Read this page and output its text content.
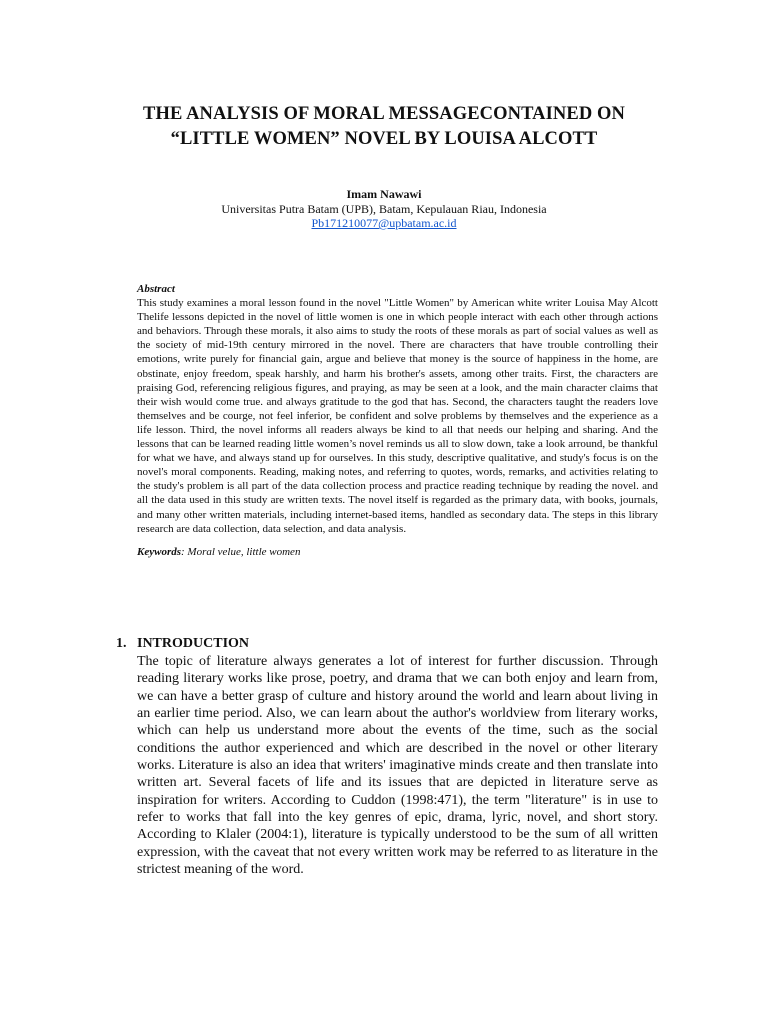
THE ANALYSIS OF MORAL MESSAGECONTAINED ON
“LITTLE WOMEN” NOVEL BY LOUISA ALCOTT
Imam Nawawi
Universitas Putra Batam (UPB), Batam, Kepulauan Riau, Indonesia
Pb171210077@upbatam.ac.id
Abstract

This study examines a moral lesson found in the novel "Little Women" by American white writer Louisa May Alcott Thelife lessons depicted in the novel of little women is one in which people interact with each other through actions and behaviors. Through these morals, it also aims to study the roots of these morals as part of social values as well as the society of mid-19th century mirrored in the novel. There are characters that have trouble controlling their emotions, write purely for financial gain, argue and believe that money is the source of happiness in the home, are obstinate, enjoy freedom, speak harshly, and harm his brother's assets, among other traits. First, the characters are praising God, referencing religious figures, and praying, as may be seen at a look, and the main character claims that their wish would come true. and always gratitude to the god that has. Second, the characters taught the readers love themselves and be courge, not feel inferior, be confident and solve problems by themselves and the experience as a life lesson. Third, the novel informs all readers always be kind to all that needs our helping and sharing. And the lessons that can be learned reading little women’s novel reminds us all to slow down, take a look arround, be thankful for what we have, and always stand up for ourselves. In this study, descriptive qualitative, and study's focus is on the novel's moral components. Reading, making notes, and referring to quotes, words, remarks, and activities relating to the study's problem is all part of the data collection process and practice reading technique by reading the novel. and all the data used in this study are written texts. The novel itself is regarded as the primary data, with books, journals, and many other written materials, including internet-based items, handled as secondary data. The steps in this library research are data collection, data selection, and data analysis.

Keywords: Moral velue, little women
1. INTRODUCTION

The topic of literature always generates a lot of interest for further discussion. Through reading literary works like prose, poetry, and drama that we can both enjoy and learn from, we can have a better grasp of culture and history around the world and learn about living in an earlier time period. Also, we can learn about the author's worldview from literary works, which can help us understand more about the events of the time, such as the social conditions the author experienced and which are described in the novel or other literary works. Literature is also an idea that writers' imaginative minds create and then translate into written art. Several facets of life and its issues that are depicted in literature serve as inspiration for writers. According to Cuddon (1998:471), the term "literature" is in use to refer to works that fall into the key genres of epic, drama, lyric, novel, and short story. According to Klaler (2004:1), literature is typically understood to be the sum of all written expression, with the caveat that not every written work may be referred to as literature in the strictest meaning of the word.
